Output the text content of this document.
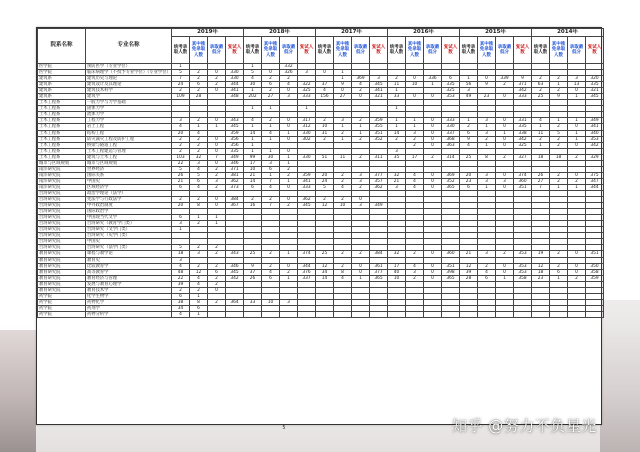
院系名称	专业名称	2019年				2018年				2017年				2016年				2015年				2014年			
		统考录取人数	其中推免录取人数	录取最低分	复试人数	统考录取人数	其中推免录取人数	录取最低分	复试人数	统考录取人数	其中推免录取人数	录取最低分	复试人数	统考录取人数	其中推免录取人数	录取最低分	复试人数	统考录取人数	其中推免录取人数	录取最低分	复试人数	统考录取人数	其中推免录取人数	录取最低分	复试人数
医学院	预防医学（专业学位）	1				1		332																	
医学院	临床病理学（不授予专业学位）（专业学位）	5	2	0	330	5	0	326	3	0	1														
建筑系	建筑历史与理论	7	2	2	330	4	2	2			1	369	3	2	0	336	6	1	0	339	9	2	2	3	320
建筑系	建筑设计及其理论	24	6	2	344	30	6	4	322	37	9	4	345	11	10	1	335	56	9	2	371	63	1	13	335
建筑系	建筑技术科学	2	2	0	341	1	2	0	325	4	0	2	341	1			325	3			342	2	2	0	321
建筑系	建筑学	109	28		348	202	27	3	333	156	27	0	321	33	0	0	353	49	23	0	333	25	9	1	345
土木工程系	一般力学与力学基础																								
土木工程系	固体力学					1	1		1					1											
土木工程系	流体力学																								
土木工程系	工程力学	3	2	0	343	4	2	0	317	2	3	2	359	1	1	0	333	1	3	0	331	4	1	1	349
土木工程系	岩土工程	4	1	1	345	1	1	0	312	10	1	1	355	1	1	0	330	2	1	0	335	1	2	0	341
土木工程系	结构工程	20	4		359	14	4	1	330	31	2	1	351	14	3	0	337	6	3	1	338	11	5	1	340
土木工程系	防灾减灾工程及防护工程	2	2	0	356	1	1	0	302	2	1	2	352	2	2	0	368	9	2	0	342	2	2	1	353
土木工程系	桥梁与隧道工程	2	2	0	356	1									2	0	363	4	1	0	325	1	2	0	342
土木工程系	土木工程建造与管理	2	2	0	335	1	1	0						3											
土木工程系	建筑与土木工程	103	32	7	349	99	30	1	330	51	11	2	311	35	17	2	314	25	8	2	327	18	18	2	329
城市与区域规划	城市与区域规划	22	3	0	346	17	3	1																	
南洋研究院	世界经济	5	4	2	371	10	6	2																	
南洋研究院	国际关系	26	5	2	381	21	1	2	359	20	2	3	377	32	4	0	369	20	3	0	374	26	2	0	375
南洋研究院	中国史	21	6	3	362	14	7	1	341	24	2	3	357	21	4	0	352	23	3	3	360	27	2	2	347
南洋研究院	区域经济学	6	4	2	373	6	4	0	333	5	4	2	362	3	4	0	365	6	1	0	351	7	1	1	344
台湾研究院	政治学理论（法学）																								
台湾研究院	宪法学与行政法学	2	2	0	384	2	2	0	362	2	2	0													
台湾研究院	中外政治制度	20	8	0	367	16	7	2	345	12	10	3	349												
台湾研究院	国际政治学																								
台湾研究院	中国现当代文学	6	1	1																					
台湾研究院	台湾研究（教育学门类）	3	2	1																					
台湾研究院	台湾研究（文学门类）	1																							
台湾研究院	台湾研究（史学门类）																								
台湾研究院	中国史																								
台湾研究院	台湾研究（法学门类）	5	2	2																					
教育研究院	课程与教学论	18	3	2	343	25	2	1	374	25	2	2	384	32	2	0	360	21	3	2	353	19	2	0	351
教育研究院	教育史	3																							
教育研究院	比较教育学	4	2	2	346	9	2	0	344	12	2	0	361	17	4	0	351	12	2	0	353	12	2	0	350
教育研究院	高等教育学	48	12	6	345	37	4	2	376	34	8	0	377	40	3	0	398	39	4	0	353	18	6	0	358
教育研究院	教育经济与管理	22	4	2	342	26	6	1	337	14	4	1	365	10	2	0	365	28	6	1	358	23	1	2	359
教育研究院	发展与教育心理学	39	4	2																					
教育研究院	教育技术学	2	2	0																					
药学院	化学生物学	6	1																						
药学院	药物化学	38	8	2	364	33	10	3																	
药学院	药剂学	34	6																						
药学院	药物分析学	4	1																						
5	知乎 @努力不负星光
